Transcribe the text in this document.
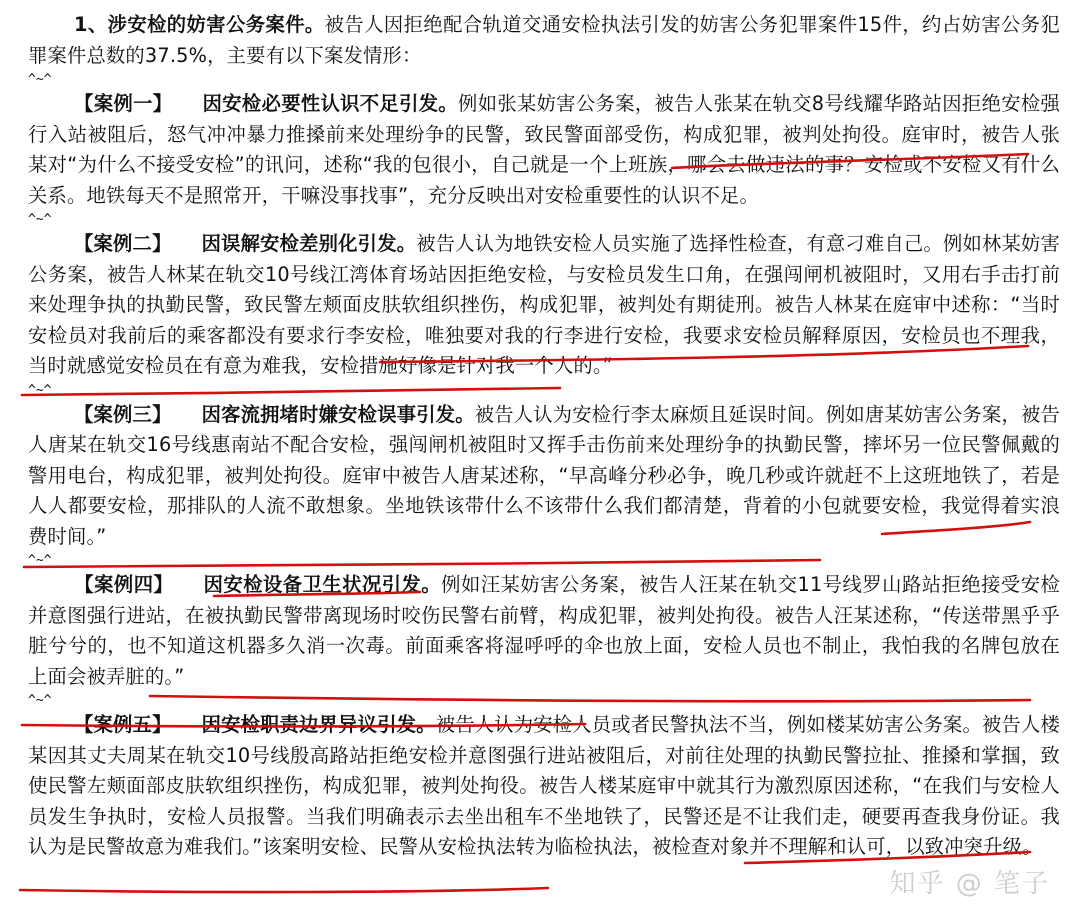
1、涉安检的妨害公务案件。被告人因拒绝配合轨道交通安检执法引发的妨害公务犯罪案件15件，约占妨害公务犯罪案件总数的37.5%，主要有以下案发情形：

^~^

【案例一】 因安检必要性认识不足引发。例如张某妨害公务案，被告人张某在轨交8号线耀华路站因拒绝安检强行入站被阻后，怒气冲冲暴力推搡前来处理纷争的民警，致民警面部受伤，构成犯罪，被判处拘役。庭审时，被告人张某对“为什么不接受安检”的讯问，述称“我的包很小，自己就是一个上班族，哪会去做违法的事？安检或不安检又有什么关系。地铁每天不是照常开，干嘛没事找事”，充分反映出对安检重要性的认识不足。

^~^

【案例二】 因误解安检差别化引发。被告人认为地铁安检人员实施了选择性检查，有意刁难自己。例如林某妨害公务案，被告人林某在轨交10号线江湾体育场站因拒绝安检，与安检员发生口角，在强闯闸机被阻时，又用右手击打前来处理争执的执勤民警，致民警左颊面皮肤软组织挫伤，构成犯罪，被判处有期徒刑。被告人林某在庭审中述称：“当时安检员对我前后的乘客都没有要求行李安检，唯独要对我的行李进行安检，我要求安检员解释原因，安检员也不理我，当时就感觉安检员在有意为难我，安检措施好像是针对我一个人的。”

^~^

【案例三】 因客流拥堵时嫌安检误事引发。被告人认为安检行李太麻烦且延误时间。例如唐某妨害公务案，被告人唐某在轨交16号线惠南站不配合安检，强闯闸机被阻时又挥手击伤前来处理纷争的执勤民警，摔坏另一位民警佩戴的警用电台，构成犯罪，被判处拘役。庭审中被告人唐某述称，“早高峰分秒必争，晚几秒或许就赶不上这班地铁了，若是人人都要安检，那排队的人流不敢想象。坐地铁该带什么不该带什么我们都清楚，背着的小包就要安检，我觉得着实浪费时间。”

^~^

【案例四】 因安检设备卫生状况引发。例如汪某妨害公务案，被告人汪某在轨交11号线罗山路站拒绝接受安检并意图强行进站，在被执勤民警带离现场时咬伤民警右前臂，构成犯罪，被判处拘役。被告人汪某述称，“传送带黑乎乎脏兮兮的，也不知道这机器多久消一次毒。前面乘客将湿呼呼的伞也放上面，安检人员也不制止，我怕我的名牌包放在上面会被弄脏的。”

^~^

【案例五】 因安检职责边界异议引发。被告人认为安检人员或者民警执法不当，例如楼某妨害公务案。被告人楼某因其丈夫周某在轨交10号线殷高路站拒绝安检并意图强行进站被阻后，对前往处理的执勤民警拉扯、推搡和掌掴，致使民警左颊面部皮肤软组织挫伤，构成犯罪，被判处拘役。被告人楼某庭审中就其行为激烈原因述称，“在我们与安检人员发生争执时，安检人员报警。当我们明确表示去坐出租车不坐地铁了，民警还是不让我们走，硬要再查我身份证。我认为是民警故意为难我们。”该案明安检、民警从安检执法转为临检执法，被检查对象并不理解和认可，以致冲突升级。

知乎 @ 笔子
